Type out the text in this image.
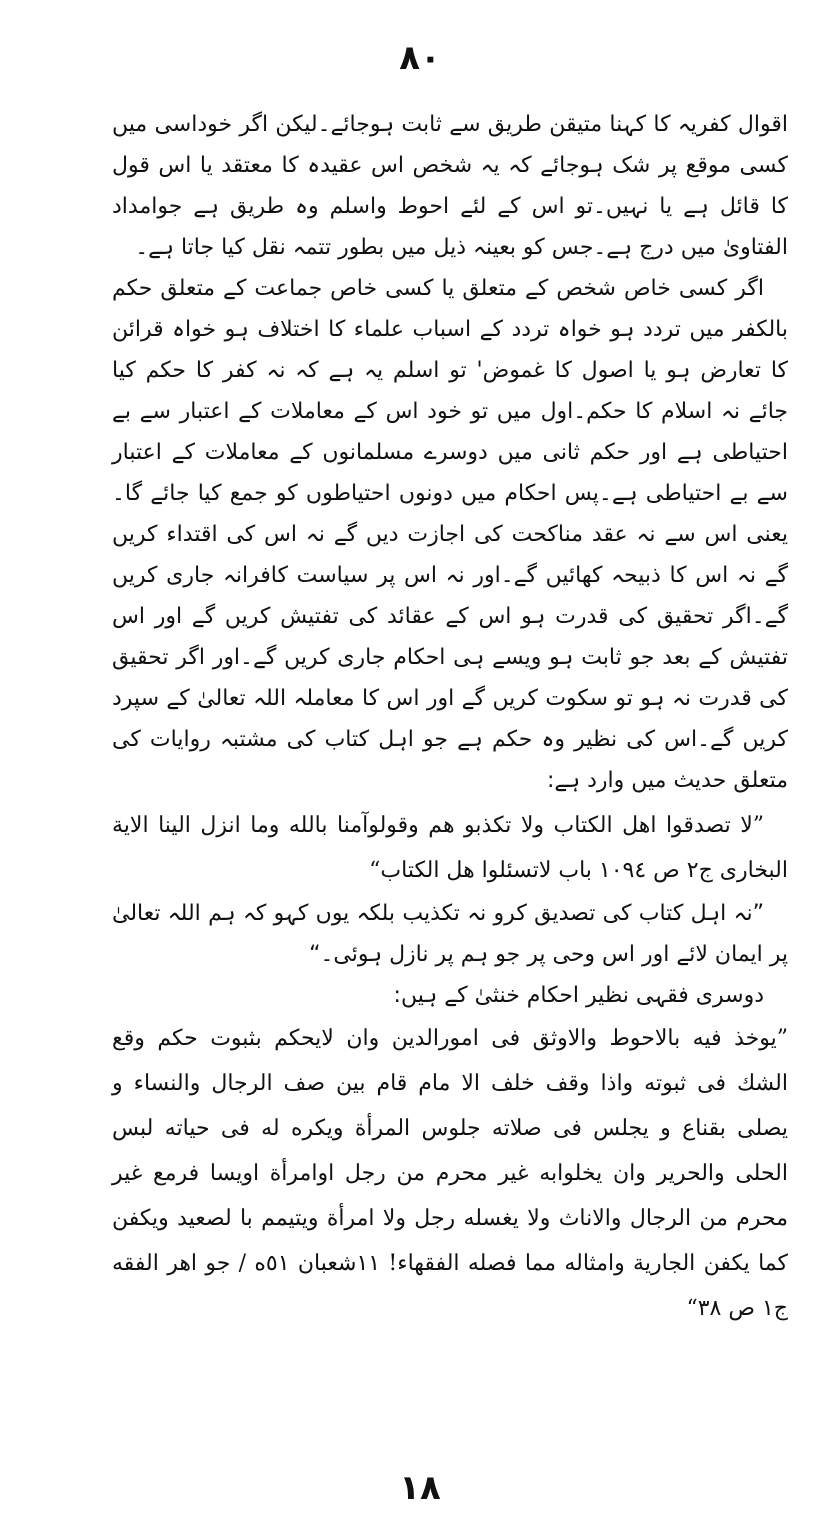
۸۰

اقوال کفریہ کا کہنا متیقن طریق سے ثابت ہوجائے۔لیکن اگر خوداسی میں کسی موقع پر شک ہوجائے کہ یہ شخص اس عقیدہ کا معتقد یا اس قول کا قائل ہے یا نہیں۔تو اس کے لئے احوط واسلم وہ طریق ہے جوامداد الفتاویٰ میں درج ہے۔جس کو بعینہ ذیل میں بطور تتمہ نقل کیا جاتا ہے۔

اگر کسی خاص شخص کے متعلق یا کسی خاص جماعت کے متعلق حکم بالکفر میں تردد ہو خواہ تردد کے اسباب علماء کا اختلاف ہو خواہ قرائن کا تعارض ہو یا اصول کا غموض' تو اسلم یہ ہے کہ نہ کفر کا حکم کیا جائے نہ اسلام کا حکم۔اول میں تو خود اس کے معاملات کے اعتبار سے بے احتیاطی ہے اور حکم ثانی میں دوسرے مسلمانوں کے معاملات کے اعتبار سے بے احتیاطی ہے۔پس احکام میں دونوں احتیاطوں کو جمع کیا جائے گا۔یعنی اس سے نہ عقد مناکحت کی اجازت دیں گے نہ اس کی اقتداء کریں گے نہ اس کا ذبیحہ کھائیں گے۔اور نہ اس پر سیاست کافرانہ جاری کریں گے۔اگر تحقیق کی قدرت ہو اس کے عقائد کی تفتیش کریں گے اور اس تفتیش کے بعد جو ثابت ہو ویسے ہی احکام جاری کریں گے۔اور اگر تحقیق کی قدرت نہ ہو تو سکوت کریں گے اور اس کا معاملہ اللہ تعالیٰ کے سپرد کریں گے۔اس کی نظیر وہ حکم ہے جو اہل کتاب کی مشتبہ روایات کی متعلق حدیث میں وارد ہے:

”لا تصدقوا اهل الكتاب ولا تكذبو هم وقولوآمنا بالله وما انزل الينا الاية البخارى ج٢ ص ١٠٩٤ باب لاتسئلوا هل الكتاب“

”نہ اہل کتاب کی تصدیق کرو نہ تکذیب بلکہ یوں کہو کہ ہم اللہ تعالیٰ پر ایمان لائے اور اس وحی پر جو ہم پر نازل ہوئی۔“

دوسری فقہی نظیر احکام خنثیٰ کے ہیں:

”يوخذ فيه بالاحوط والاوثق فى امورالدين وان لايحكم بثبوت حكم وقع الشك فى ثبوته واذا وقف خلف الا مام قام بين صف الرجال والنساء و يصلى بقناع و يجلس فى صلاته جلوس المرأة ويكره له فى حياته لبس الحلى والحرير وان يخلوابه غير محرم من رجل اوامرأة اويسا فرمع غير محرم من الرجال والاناث ولا يغسله رجل ولا امرأة ويتيمم با لصعيد ويكفن كما يكفن الجارية وامثاله مما فصله الفقهاء! ١١شعبان ٥١ه / جو اهر الفقه ج١ ص ٣٨“

۱۸
